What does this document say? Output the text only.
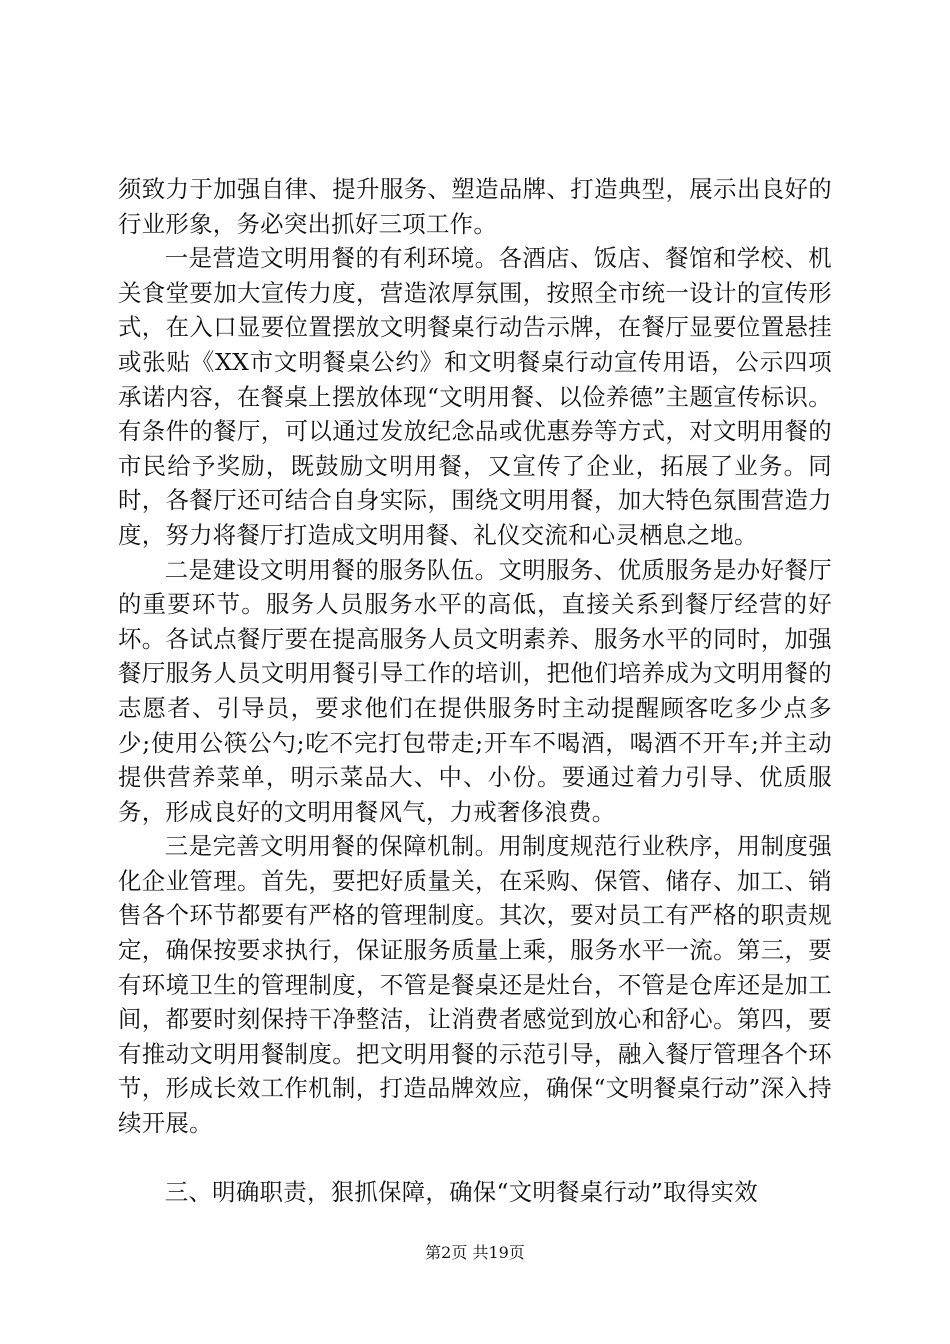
须致力于加强自律、提升服务、塑造品牌、打造典型，展示出良好的行业形象，务必突出抓好三项工作。

一是营造文明用餐的有利环境。各酒店、饭店、餐馆和学校、机关食堂要加大宣传力度，营造浓厚氛围，按照全市统一设计的宣传形式，在入口显要位置摆放文明餐桌行动告示牌，在餐厅显要位置悬挂或张贴《XX市文明餐桌公约》和文明餐桌行动宣传用语，公示四项承诺内容，在餐桌上摆放体现“文明用餐、以俭养德”主题宣传标识。有条件的餐厅，可以通过发放纪念品或优惠券等方式，对文明用餐的市民给予奖励，既鼓励文明用餐，又宣传了企业，拓展了业务。同时，各餐厅还可结合自身实际，围绕文明用餐，加大特色氛围营造力度，努力将餐厅打造成文明用餐、礼仪交流和心灵栖息之地。

二是建设文明用餐的服务队伍。文明服务、优质服务是办好餐厅的重要环节。服务人员服务水平的高低，直接关系到餐厅经营的好坏。各试点餐厅要在提高服务人员文明素养、服务水平的同时，加强餐厅服务人员文明用餐引导工作的培训，把他们培养成为文明用餐的志愿者、引导员，要求他们在提供服务时主动提醒顾客吃多少点多少;使用公筷公勺;吃不完打包带走;开车不喝酒，喝酒不开车;并主动提供营养菜单，明示菜品大、中、小份。要通过着力引导、优质服务，形成良好的文明用餐风气，力戒奢侈浪费。

三是完善文明用餐的保障机制。用制度规范行业秩序，用制度强化企业管理。首先，要把好质量关，在采购、保管、储存、加工、销售各个环节都要有严格的管理制度。其次，要对员工有严格的职责规定，确保按要求执行，保证服务质量上乘，服务水平一流。第三，要有环境卫生的管理制度，不管是餐桌还是灶台，不管是仓库还是加工间，都要时刻保持干净整洁，让消费者感觉到放心和舒心。第四，要有推动文明用餐制度。把文明用餐的示范引导，融入餐厅管理各个环节，形成长效工作机制，打造品牌效应，确保“文明餐桌行动”深入持续开展。

三、明确职责，狠抓保障，确保“文明餐桌行动”取得实效

第2页 共19页
